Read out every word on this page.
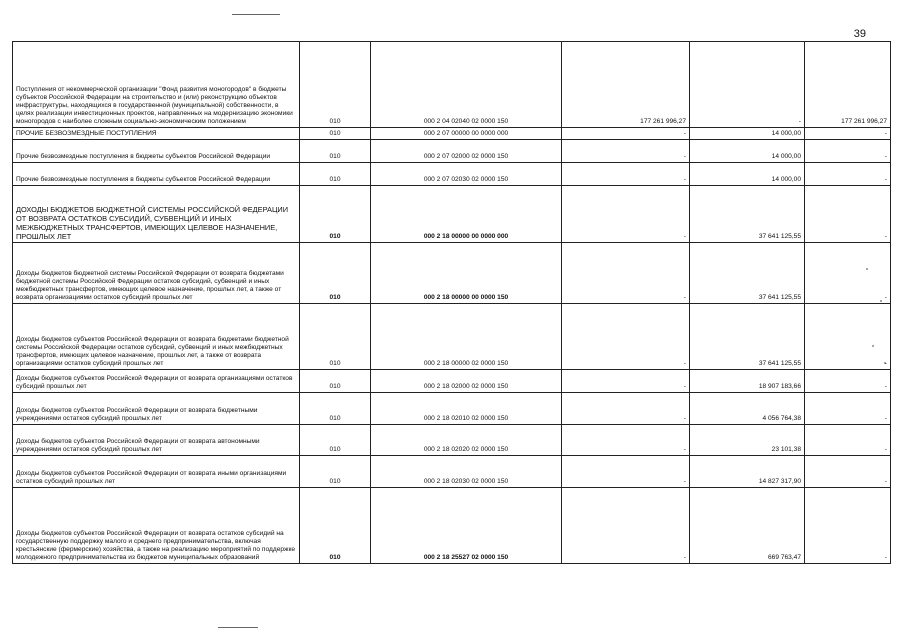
39
Поступления от некоммерческой организации "Фонд развития моногородов" в бюджеты субъектов Российской Федерации на строительство и (или) реконструкцию объектов инфраструктуры, находящихся в государственной (муниципальной) собственности, в целях реализации инвестиционных проектов, направленных на модернизацию экономики моногородов с наиболее сложным социально-экономическим положением	010	000 2 04 02040 02 0000 150	177 261 996,27	-	177 261 996,27
ПРОЧИЕ БЕЗВОЗМЕЗДНЫЕ ПОСТУПЛЕНИЯ	010	000 2 07 00000 00 0000 000	-	14 000,00	-
Прочие безвозмездные поступления в бюджеты субъектов Российской Федерации	010	000 2 07 02000 02 0000 150	-	14 000,00	-
Прочие безвозмездные поступления в бюджеты субъектов Российской Федерации	010	000 2 07 02030 02 0000 150	-	14 000,00	-
ДОХОДЫ БЮДЖЕТОВ БЮДЖЕТНОЙ СИСТЕМЫ РОССИЙСКОЙ ФЕДЕРАЦИИ ОТ ВОЗВРАТА ОСТАТКОВ СУБСИДИЙ, СУБВЕНЦИЙ И ИНЫХ МЕЖБЮДЖЕТНЫХ ТРАНСФЕРТОВ, ИМЕЮЩИХ ЦЕЛЕВОЕ НАЗНАЧЕНИЕ, ПРОШЛЫХ ЛЕТ	010	000 2 18 00000 00 0000 000	-	37 641 125,55	-
Доходы бюджетов бюджетной системы Российской Федерации от возврата бюджетами бюджетной системы Российской Федерации остатков субсидий, субвенций и иных межбюджетных трансфертов, имеющих целевое назначение, прошлых лет, а также от возврата организациями остатков субсидий прошлых лет	010	000 2 18 00000 00 0000 150	-	37 641 125,55	-
Доходы бюджетов субъектов Российской Федерации от возврата бюджетами бюджетной системы Российской Федерации остатков субсидий, субвенций и иных межбюджетных трансфертов, имеющих целевое назначение, прошлых лет, а также от возврата организациями остатков субсидий прошлых лет	010	000 2 18 00000 02 0000 150	-	37 641 125,55	-
Доходы бюджетов субъектов Российской Федерации от возврата организациями остатков субсидий прошлых лет	010	000 2 18 02000 02 0000 150	-	18 907 183,66	-
Доходы бюджетов субъектов Российской Федерации от возврата бюджетными учреждениями остатков субсидий прошлых лет	010	000 2 18 02010 02 0000 150	-	4 056 764,38	-
Доходы бюджетов субъектов Российской Федерации от возврата автономными учреждениями остатков субсидий прошлых лет	010	000 2 18 02020 02 0000 150	-	23 101,38	-
Доходы бюджетов субъектов Российской Федерации от возврата иными организациями остатков субсидий прошлых лет	010	000 2 18 02030 02 0000 150	-	14 827 317,90	-
Доходы бюджетов субъектов Российской Федерации от возврата остатков субсидий на государственную поддержку малого и среднего предпринимательства, включая крестьянские (фермерские) хозяйства, а также на реализацию мероприятий по поддержке молодежного предпринимательства из бюджетов муниципальных образований	010	000 2 18 25527 02 0000 150	-	669 763,47	-
